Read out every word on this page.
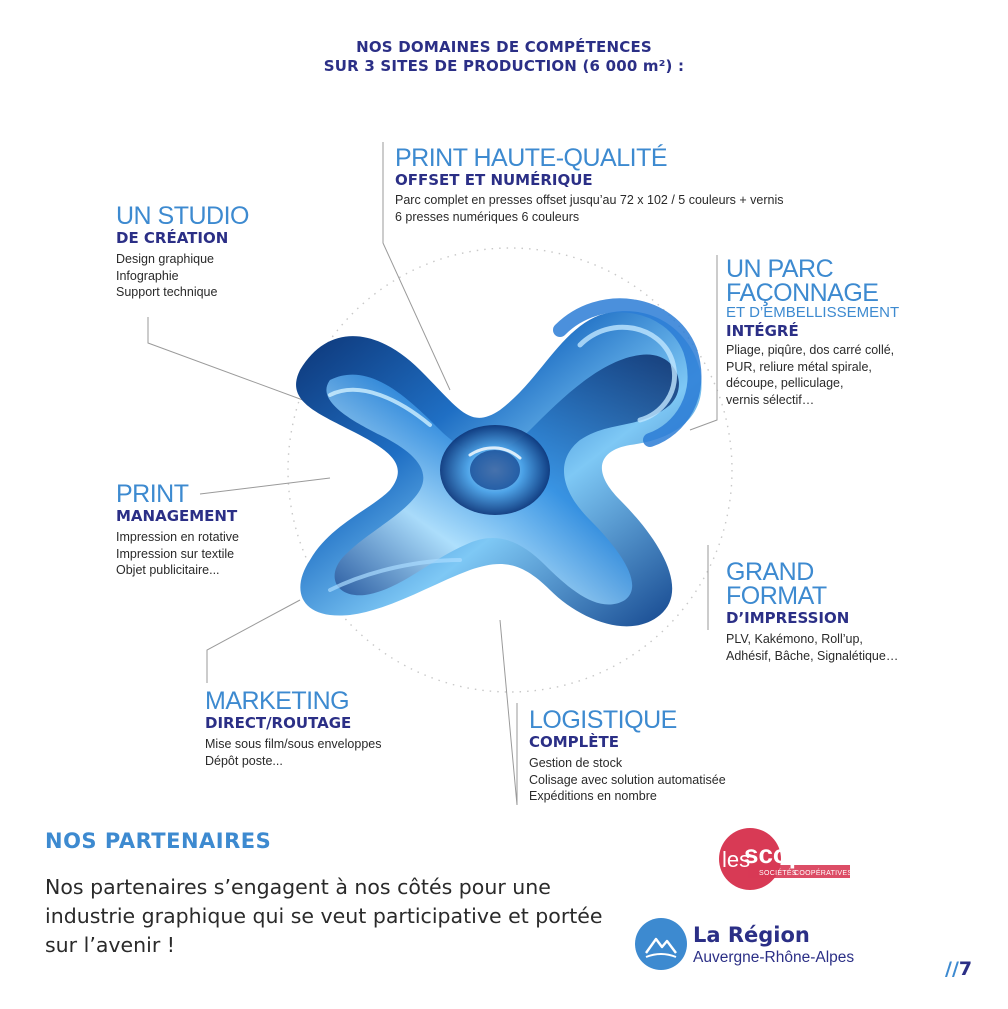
NOS DOMAINES DE COMPÉTENCES
SUR 3 SITES DE PRODUCTION (6 000 m²) :
PRINT HAUTE-QUALITÉ
OFFSET ET NUMÉRIQUE
Parc complet en presses offset jusqu’au 72 x 102 / 5 couleurs + vernis
6 presses numériques 6 couleurs
UN STUDIO
DE CRÉATION
Design graphique
Infographie
Support technique
UN PARC
FAÇONNAGE
ET D’EMBELLISSEMENT
INTÉGRÉ
Pliage, piqûre, dos carré collé,
PUR, reliure métal spirale,
découpe, pelliculage,
vernis sélectif…
PRINT
MANAGEMENT
Impression en rotative
Impression sur textile
Objet publicitaire...	GRAND
FORMAT
D’IMPRESSION
PLV, Kakémono, Roll’up,
Adhésif, Bâche, Signalétique…
MARKETING
DIRECT/ROUTAGE
Mise sous film/sous enveloppes
Dépôt poste...
LOGISTIQUE
COMPLÈTE
Gestion de stock
Colisage avec solution automatisée
Expéditions en nombre
NOS PARTENAIRES
Nos partenaires s’engagent à nos côtés pour une industrie graphique qui se veut participative et portée sur l’avenir !
les
scop
SOCIÉTÉS
COOPÉRATIVES
La Région
Auvergne-Rhône-Alpes
//7
